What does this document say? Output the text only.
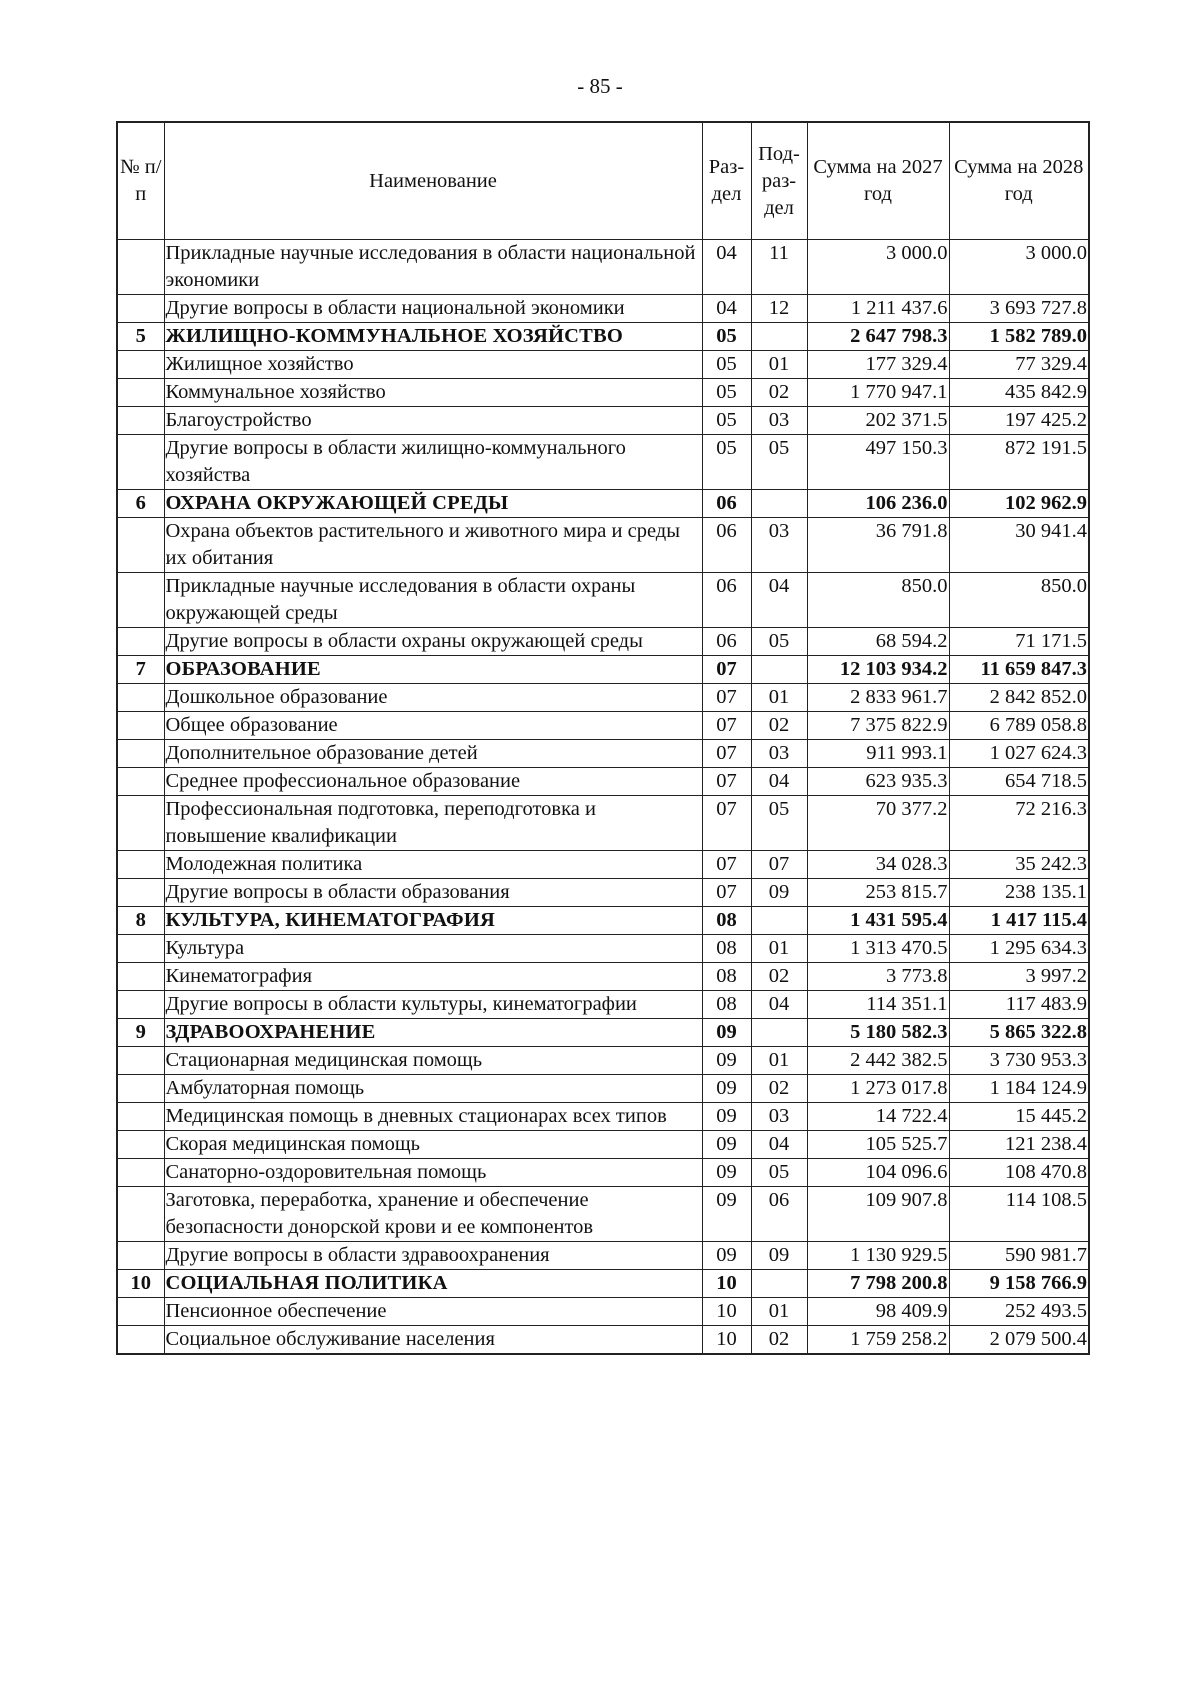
- 85 -
№ п/п	Наименование	Раз-дел	Под-раз-дел	Сумма на 2027 год	Сумма на 2028 год
	Прикладные научные исследования в области национальной экономики	04	11	3 000.0	3 000.0
	Другие вопросы в области национальной экономики	04	12	1 211 437.6	3 693 727.8
5	ЖИЛИЩНО-КОММУНАЛЬНОЕ ХОЗЯЙСТВО	05		2 647 798.3	1 582 789.0
	Жилищное хозяйство	05	01	177 329.4	77 329.4
	Коммунальное хозяйство	05	02	1 770 947.1	435 842.9
	Благоустройство	05	03	202 371.5	197 425.2
	Другие вопросы в области жилищно-коммунального хозяйства	05	05	497 150.3	872 191.5
6	ОХРАНА ОКРУЖАЮЩЕЙ СРЕДЫ	06		106 236.0	102 962.9
	Охрана объектов растительного и животного мира и среды их обитания	06	03	36 791.8	30 941.4
	Прикладные научные исследования в области охраны окружающей среды	06	04	850.0	850.0
	Другие вопросы в области охраны окружающей среды	06	05	68 594.2	71 171.5
7	ОБРАЗОВАНИЕ	07		12 103 934.2	11 659 847.3
	Дошкольное образование	07	01	2 833 961.7	2 842 852.0
	Общее образование	07	02	7 375 822.9	6 789 058.8
	Дополнительное образование детей	07	03	911 993.1	1 027 624.3
	Среднее профессиональное образование	07	04	623 935.3	654 718.5
	Профессиональная подготовка, переподготовка и повышение квалификации	07	05	70 377.2	72 216.3
	Молодежная политика	07	07	34 028.3	35 242.3
	Другие вопросы в области образования	07	09	253 815.7	238 135.1
8	КУЛЬТУРА, КИНЕМАТОГРАФИЯ	08		1 431 595.4	1 417 115.4
	Культура	08	01	1 313 470.5	1 295 634.3
	Кинематография	08	02	3 773.8	3 997.2
	Другие вопросы в области культуры, кинематографии	08	04	114 351.1	117 483.9
9	ЗДРАВООХРАНЕНИЕ	09		5 180 582.3	5 865 322.8
	Стационарная медицинская помощь	09	01	2 442 382.5	3 730 953.3
	Амбулаторная помощь	09	02	1 273 017.8	1 184 124.9
	Медицинская помощь в дневных стационарах всех типов	09	03	14 722.4	15 445.2
	Скорая медицинская помощь	09	04	105 525.7	121 238.4
	Санаторно-оздоровительная помощь	09	05	104 096.6	108 470.8
	Заготовка, переработка, хранение и обеспечение безопасности донорской крови и ее компонентов	09	06	109 907.8	114 108.5
	Другие вопросы в области здравоохранения	09	09	1 130 929.5	590 981.7
10	СОЦИАЛЬНАЯ ПОЛИТИКА	10		7 798 200.8	9 158 766.9
	Пенсионное обеспечение	10	01	98 409.9	252 493.5
	Социальное обслуживание населения	10	02	1 759 258.2	2 079 500.4
